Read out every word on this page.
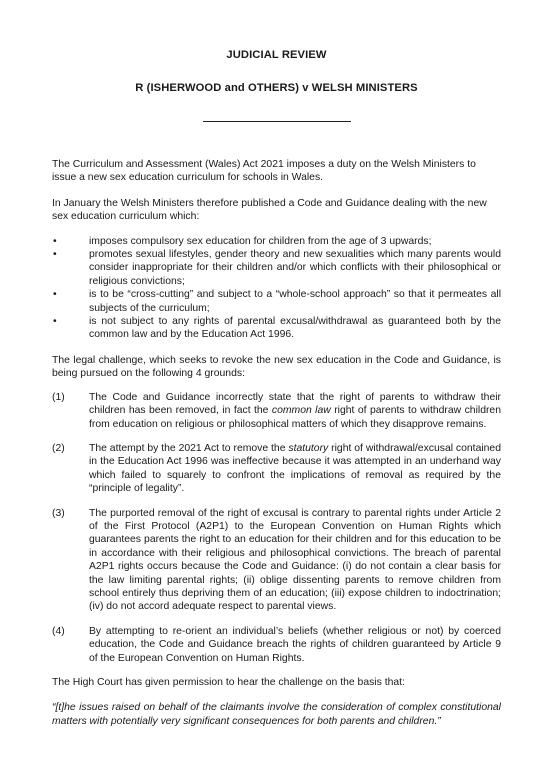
JUDICIAL REVIEW
R (ISHERWOOD and OTHERS) v WELSH MINISTERS

The Curriculum and Assessment (Wales) Act 2021 imposes a duty on the Welsh Ministers to issue a new sex education curriculum for schools in Wales.

In January the Welsh Ministers therefore published a Code and Guidance dealing with the new sex education curriculum which:

•	imposes compulsory sex education for children from the age of 3 upwards;
•	promotes sexual lifestyles, gender theory and new sexualities which many parents would consider inappropriate for their children and/or which conflicts with their philosophical or religious convictions;
•	is to be “cross-cutting” and subject to a “whole-school approach” so that it permeates all subjects of the curriculum;
•	is not subject to any rights of parental excusal/withdrawal as guaranteed both by the common law and by the Education Act 1996.

The legal challenge, which seeks to revoke the new sex education in the Code and Guidance, is being pursued on the following 4 grounds:

(1) The Code and Guidance incorrectly state that the right of parents to withdraw their children has been removed, in fact the common law right of parents to withdraw children from education on religious or philosophical matters of which they disapprove remains.
(2) The attempt by the 2021 Act to remove the statutory right of withdrawal/excusal contained in the Education Act 1996 was ineffective because it was attempted in an underhand way which failed to squarely to confront the implications of removal as required by the “principle of legality”.
(3) The purported removal of the right of excusal is contrary to parental rights under Article 2 of the First Protocol (A2P1) to the European Convention on Human Rights which guarantees parents the right to an education for their children and for this education to be in accordance with their religious and philosophical convictions. The breach of parental A2P1 rights occurs because the Code and Guidance: (i) do not contain a clear basis for the law limiting parental rights; (ii) oblige dissenting parents to remove children from school entirely thus depriving them of an education; (iii) expose children to indoctrination; (iv) do not accord adequate respect to parental views.
(4) By attempting to re-orient an individual’s beliefs (whether religious or not) by coerced education, the Code and Guidance breach the rights of children guaranteed by Article 9 of the European Convention on Human Rights.

The High Court has given permission to hear the challenge on the basis that:

“[t]he issues raised on behalf of the claimants involve the consideration of complex constitutional matters with potentially very significant consequences for both parents and children.”
